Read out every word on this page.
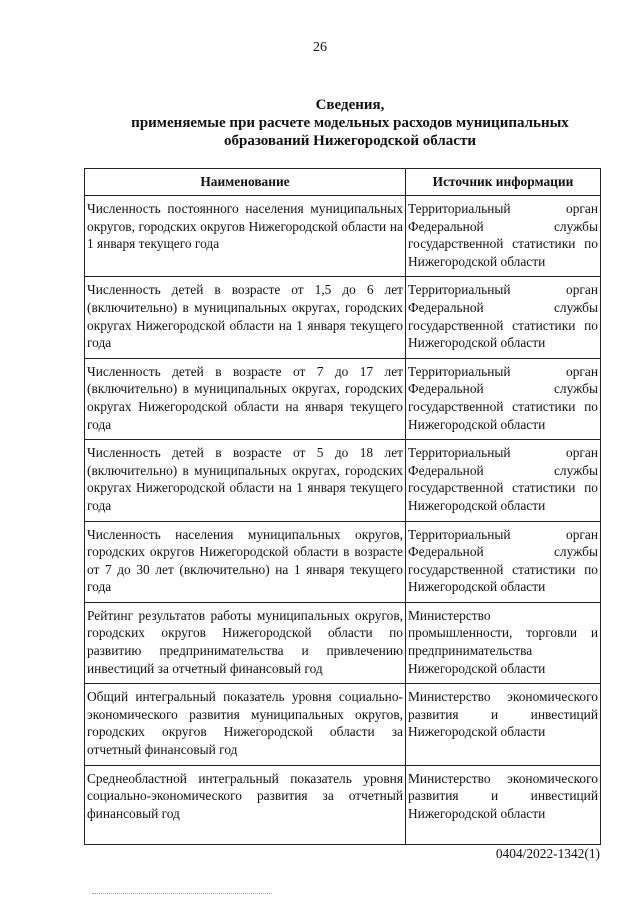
26
Сведения,
применяемые при расчете модельных расходов муниципальных
образований Нижегородской области
Наименование	Источник информации
Численность постоянного населения муниципальных округов, городских округов Нижегородской области на 1 января текущего года	Территориальный орган Федеральной службы государственной статистики по Нижегородской области
Численность детей в возрасте от 1,5 до 6 лет (включительно) в муниципальных округах, городских округах Нижегородской области на 1 января текущего года	Территориальный орган Федеральной службы государственной статистики по Нижегородской области
Численность детей в возрасте от 7 до 17 лет (включительно) в муниципальных округах, городских округах Нижегородской области на января текущего года	Территориальный орган Федеральной службы государственной статистики по Нижегородской области
Численность детей в возрасте от 5 до 18 лет (включительно) в муниципальных округах, городских округах Нижегородской области на 1 января текущего года	Территориальный орган Федеральной службы государственной статистики по Нижегородской области
Численность населения муниципальных округов, городских округов Нижегородской области в возрасте от 7 до 30 лет (включительно) на 1 января текущего года	Территориальный орган Федеральной службы государственной статистики по Нижегородской области
Рейтинг результатов работы муниципальных округов, городских округов Нижегородской области по развитию предпринимательства и привлечению инвестиций за отчетный финансовый год	Министерство промышленности, торговли и предпринимательства Нижегородской области
Общий интегральный показатель уровня социально-экономического развития муниципальных округов, городских округов Нижегородской области за отчетный финансовый год	Министерство экономического развития и инвестиций Нижегородской области
Среднеобластной интегральный показатель уровня социально-экономического развития за отчетный финансовый год	Министерство экономического развития и инвестиций Нижегородской области
0404/2022-1342(1)
